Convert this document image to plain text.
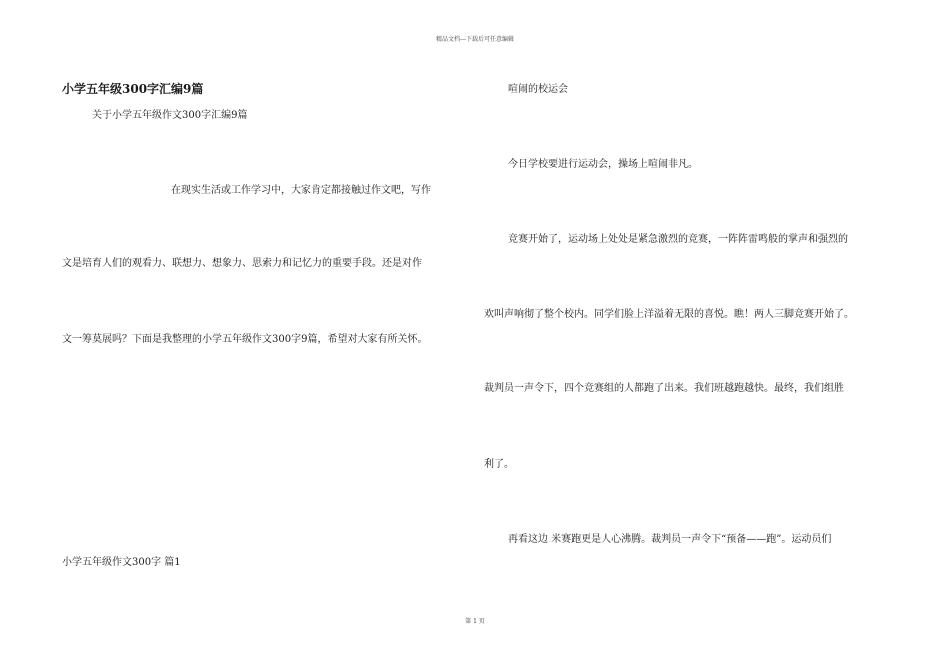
精品文档---下载后可任意编辑
小学五年级300字汇编9篇
关于小学五年级作文300字汇编9篇
在现实生活或工作学习中，大家肯定都接触过作文吧，写作
文是培育人们的观看力、联想力、想象力、思索力和记忆力的重要手段。还是对作
文一筹莫展吗？下面是我整理的小学五年级作文300字9篇，希望对大家有所关怀。
小学五年级作文300字 篇1
喧闹的校运会
今日学校要进行运动会，操场上喧闹非凡。
竞赛开始了，运动场上处处是紧急激烈的竞赛，一阵阵雷鸣般的掌声和强烈的
欢叫声响彻了整个校内。同学们脸上洋溢着无限的喜悦。瞧！两人三脚竞赛开始了。
裁判员一声令下，四个竞赛组的人都跑了出来。我们班越跑越快。最终，我们组胜
利了。
再看这边 米赛跑更是人心沸腾。裁判员一声令下“预备——跑”。运动员们
第 1 页
